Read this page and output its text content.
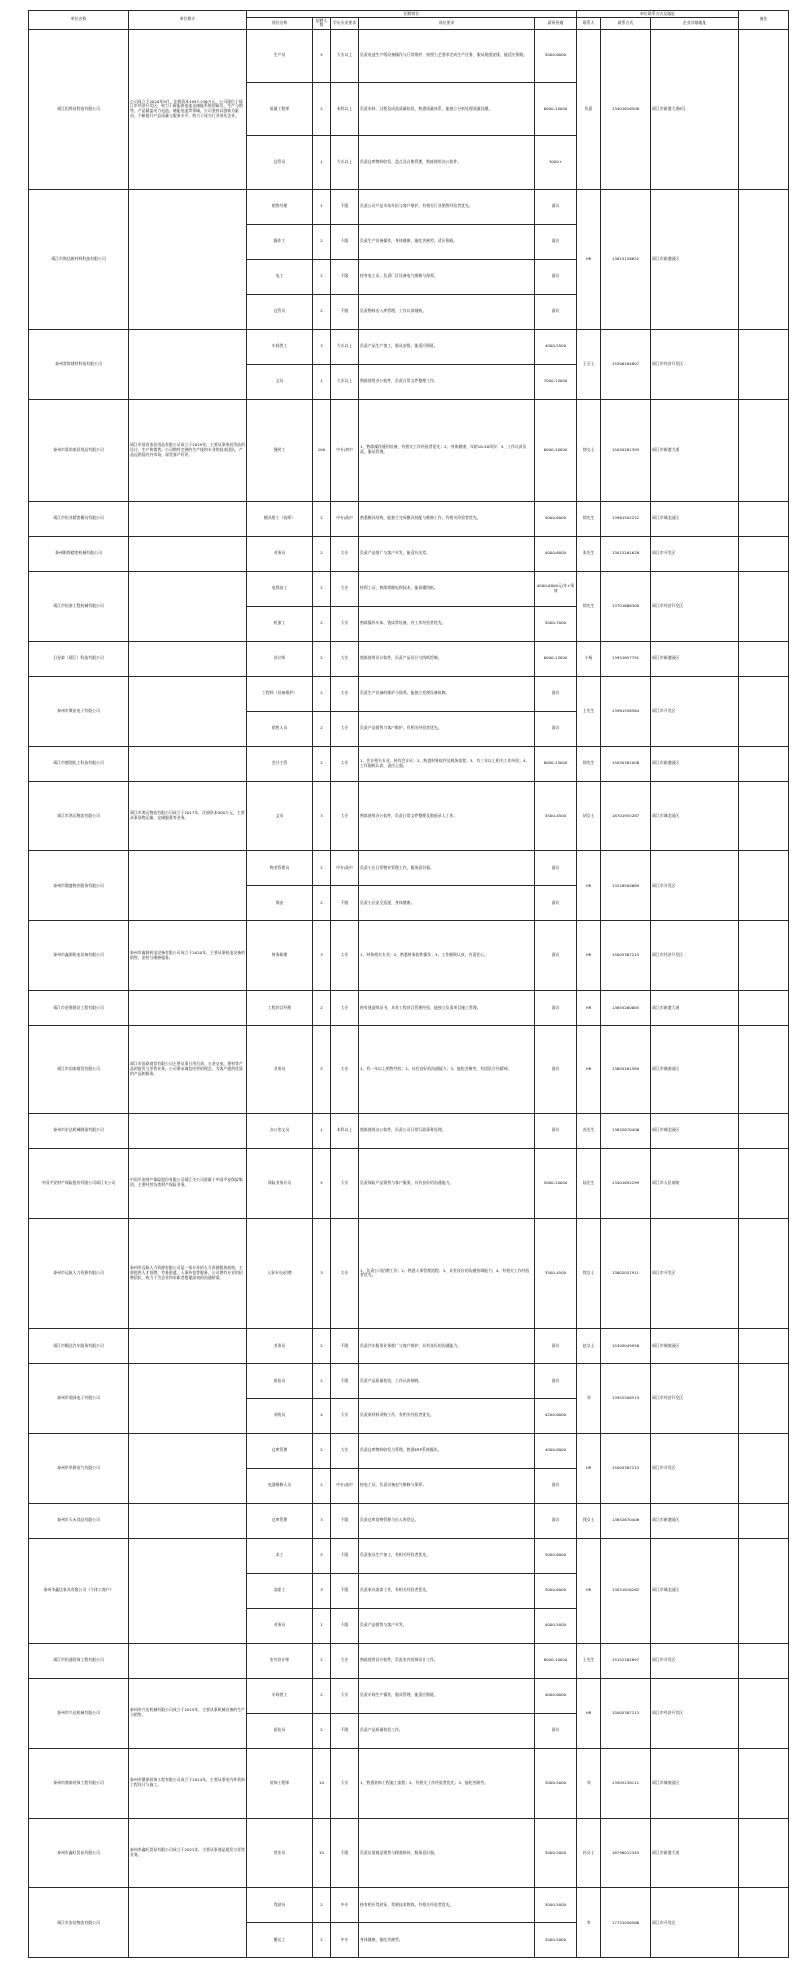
单位名称	单位简介	招聘岗位					单位联系方式及地址			备注
		岗位名称	招聘人数	学历专业要求	岗位要求	薪资待遇	联系人	联系方式	企业详细地址	
靖江恒烨昌科技有限公司	公司成立于2020年9月，注册资本1997.236万元，公司现位于靖江市经济开发区，致力于新能源电池及储能系统的研发、生产与销售，产品涵盖动力电池、储能电池等领域，公司坚持以创新为驱动，不断提升产品质量与服务水平，致力于成为行业领先企业。	生产员	5	大专以上	负责电池生产线设备操作与日常维护，按照工艺要求完成生产任务，服从班组安排，能适应倒班。	5000-6000	仇夏	13401616508	靖江市新港大道6号	
		质量工程师	2	本科以上	负责来料、过程及成品质量检验，熟悉质量体系，能独立分析处理质量问题。	6000-10000				
		仓管员	1	大专以上	负责仓库物料收发、盘点及台账管理，熟练使用办公软件。	3000+				
靖江市海达新材料科技有限公司		销售经理	1	不限	负责公司产品市场开拓与客户维护，有相关行业销售经验者优先。	面议	HR	13815126652	靖江市新港园区	
		操作工	2	不限	负责生产设备操作，身体健康，能吃苦耐劳，适应倒班。	面议				
		电工	2	不限	持有电工证，负责厂区设备电气维修与保养。	面议				
		仓管员	2	不限	负责物料出入库管理，工作认真细致。	面议				
泰州誉铭建材科技有限公司		车间普工	3	大专以上	负责产品生产加工，服从安排，能适应倒班。	4000-5500	王女士	15306184807	靖江市经济开发区	
		文员	1	大专以上	熟练使用办公软件，负责日常文件整理工作。	7000-13000				
泰州市爱尚家居用品有限公司	靖江市爱尚家居用品有限公司成立于2019年，主要从事家居用品的设计、生产和销售，公司拥有完善的生产线和专业的技术团队，产品远销国内外市场，深受客户好评。	缝纫工	100	中专/初中	1、熟练操作缝纫设备，有相关工作经验者优先；2、身体健康，年龄18-50周岁；3、工作认真负责，服从管理。	6000-10000	徐女士	15050281395	靖江市新港大道	
靖江市恒业精密模具有限公司		模具钳工（技师）	2	中专/高中	熟悉模具结构，能独立完成模具装配与维修工作，有相关经验者优先。	4000-6000	徐先生	13961502222	靖江市城北园区	
泰州皓烨精密机械有限公司		业务员	2	大专	负责产品推广与客户开发，能适应出差。	4000-6000	张先生	13015261628	靖江市开发区	
靖江市恒泰工程机械有限公司		电焊技工	2	大专	持焊工证，熟练掌握电焊技术，能看懂图纸。	4000-6000元/年+绩效	徐先生	13701666300	靖江市经济开发区	
		机加工	2	大专	熟练操作车床、铣床等设备，有工作经验者优先。	5000-7000				
日星泰（靖江）科技有限公司		设计师	2	大专	熟练使用设计软件，负责产品设计与图纸绘制。	6000-13000	小杨	13951657791	靖江市新港园区	
泰州市聚星电子有限公司		工程师（设备维护）	2	大专	负责生产设备的维护与保养，能独立处理设备故障。	面议	王先生	13961556564	靖江市开发区	
		销售人员	2	大专	负责产品销售与客户维护，有相关经验者优先。	面议				
靖江市德润化工科技有限公司		会计主管	2	大专	1、会计相关专业，持有会计证；2、熟悉财务软件及税务流程；3、有三年以上相关工作经验；4、工作细致认真，责任心强。	8000-13000	徐先生	15050381008	靖江市新港园区	
靖江市鸿运物流有限公司	靖江市鸿运物流有限公司成立于2017年，注册资本500万元，主要从事货物运输、仓储服务等业务。	文员	3	大专	熟练使用办公软件，负责日常文件整理及数据录入工作。	3500-4500	胡女士	18701955287	靖江市城北园区	
泰州市鼎盛物业服务有限公司		物业管理员	2	中专/高中	负责小区日常物业管理工作，服务意识强。	面议	HR	13228500689	靖江市开发区	
		保安	2	不限	负责小区安全巡逻，身体健康。	面议				
泰州市鑫源机电设备有限公司	泰州市鑫源机电设备有限公司成立于2020年，主要从事机电设备的销售、安装与维修服务。	财务助理	3	大专	1、财务相关专业；2、熟悉财务软件操作；3、工作细致认真，有责任心。	面议	HR	15005387213	靖江市经济开发区	
靖江市金鼎建设工程有限公司		工程项目经理	2	大专	持有建造师证书，具有工程项目管理经验，能独立负责项目施工管理。	面议	HR	13655280885	靖江市新港大道	
靖江市国泰商贸有限公司	靖江市国泰商贸有限公司主要从事日用百货、五金交电、建材等产品的批发与零售业务，公司秉承诚信经营的理念，为客户提供优质的产品和服务。	业务员	5	大专	1、有一年以上销售经验；2、具有良好的沟通能力；3、能吃苦耐劳，有团队合作精神。	面议	HR	13805261589	靖江市城南园区	
泰州市宏达机械制造有限公司		办公室文员	1	本科以上	熟练使用办公软件，负责公司日常行政事务处理。	面议	苏先生	13852670406	靖江市城北园区	
中国平安财产保险股份有限公司靖江支公司	中国平安财产保险股份有限公司靖江支公司隶属于中国平安保险集团，主要经营各类财产保险业务。	保险业务专员	5	大专	负责保险产品销售与客户服务，具有良好的沟通能力。	5000-10000	陆先生	13401692299	靖江市人民南路	
泰州市远航人力资源有限公司	泰州市远航人力资源有限公司是一家专业的人力资源服务机构，主要提供人才招聘、劳务派遣、人事外包等服务，公司拥有专业的招聘团队，致力于为企业和求职者搭建高效的沟通桥梁。	人事专员/招聘	3	大专	1、负责公司招聘工作；2、熟悉人事管理流程；3、具有良好的沟通协调能力；4、有相关工作经验者优先。	3500-4500	徐女士	13802057911	靖江市开发区	
靖江市顺达汽车服务有限公司		业务员	2	不限	负责汽车服务业务推广与客户维护，具有良好的沟通能力。	面议	赵女士	15305049956	靖江市城南园区	
泰州市润泽电子有限公司		质检员	2	不限	负责产品质量检验，工作认真细致。	面议	刘	13952508574	靖江市经济开发区	
		采购员	4	大专	负责原材料采购工作，有相关经验者优先。	4200-6000				
泰州市华源电气有限公司		仓库管理	2	大专	负责仓库物料收发与管理，熟悉ERP系统操作。	4000-6000	HR	15005387213	靖江市开发区	
		电器维修人员	2	中专/高中	持电工证，负责设备电气维修与保养。	面议				
泰州市天禾食品有限公司		仓库管理	3	不限	负责仓库货物管理与出入库登记。	面议	钱女士	13852670406	靖江市新港园区	
泰州市鑫达家具有限公司（个体工商户）		木工	5	不限	负责家具生产加工，有相关经验者优先。	3000-6000	HR	13051816262	靖江市城北园区	
		油漆工	3	不限	负责家具油漆工作，有相关经验者优先。	3000-6000				
		业务员	1	不限	负责产品销售与客户开发。	4000-5000				
靖江市恒通装饰工程有限公司		室内设计师	2	大专	熟练使用设计软件，负责室内装饰设计工作。	8000-10000	王先生	15152162697	靖江市开发区	
泰州市兴达机械有限公司	泰州市兴达机械有限公司成立于2015年，主要从事机械设备的生产与销售。	车间普工	2	大专	负责车间生产操作，服从管理，能适应倒班。	4000-6000	HR	15005387213	靖江市经济开发区	
		质检员	2	不限	负责产品质量检验工作。	面议				
泰州市鼎泰装饰工程有限公司	泰州市鼎泰装饰工程有限公司成立于2014年，主要从事室内外装饰工程设计与施工。	装饰工程师	10	大专	1、熟悉装饰工程施工流程；2、有相关工作经验者优先；3、能吃苦耐劳。	3000-5000	刘	13905238111	靖江市城南园区	
泰州市鑫旺贸易有限公司	泰州市鑫旺贸易有限公司成立于2021年，主要从事商品批发与零售业务。	营业员	10	不限	负责店面商品销售与顾客接待，服务意识强。	3000-5000	孙女士	18796012345	靖江市新港大道	
靖江市安达物流有限公司		驾驶员	2	中专	持有相应驾驶证，驾驶技术熟练，有相关经验者优先。	3000-5000	李	17751056566	靖江市开发区	
		搬运工	2	中专	身体健康，能吃苦耐劳。	3000-5000				
